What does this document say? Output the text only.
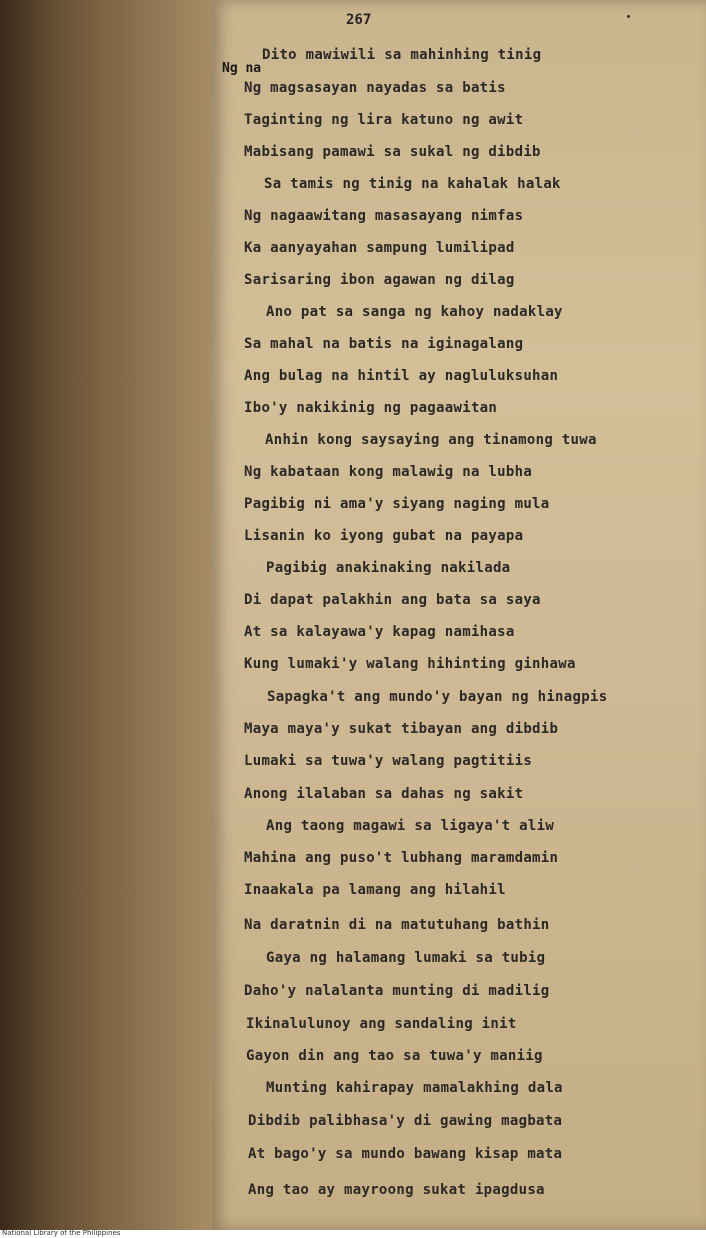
267
Ng na
Dito mawiwili sa mahinhing tinig
Ng magsasayan nayadas sa batis
Taginting ng lira katuno ng awit
Mabisang pamawi sa sukal ng dibdib
Sa tamis ng tinig na kahalak halak
Ng nagaawitang masasayang nimfas
Ka aanyayahan sampung lumilipad
Sarisaring ibon agawan ng dilag
Ano pat sa sanga ng kahoy nadaklay
Sa mahal na batis na iginagalang
Ang bulag na hintil ay nagluluksuhan
Ibo'y nakikinig ng pagaawitan
Anhin kong saysaying ang tinamong tuwa
Ng kabataan kong malawig na lubha
Pagibig ni ama'y siyang naging mula
Lisanin ko iyong gubat na payapa
Pagibig anakinaking nakilada
Di dapat palakhin ang bata sa saya
At sa kalayawa'y kapag namihasa
Kung lumaki'y walang hihinting ginhawa
Sapagka't ang mundo'y bayan ng hinagpis
Maya maya'y sukat tibayan ang dibdib
Lumaki sa tuwa'y walang pagtitiis
Anong ilalaban sa dahas ng sakit
Ang taong magawi sa ligaya't aliw
Mahina ang puso't lubhang maramdamin
Inaakala pa lamang ang hilahil
Na daratnin di na matutuhang bathin
Gaya ng halamang lumaki sa tubig
Daho'y nalalanta munting di madilig
Ikinalulunoy ang sandaling init
Gayon din ang tao sa tuwa'y maniig
Munting kahirapay mamalakhing dala
Dibdib palibhasa'y di gawing magbata
At bago'y sa mundo bawang kisap mata
Ang tao ay mayroong sukat ipagdusa
National Library of the Philippines
